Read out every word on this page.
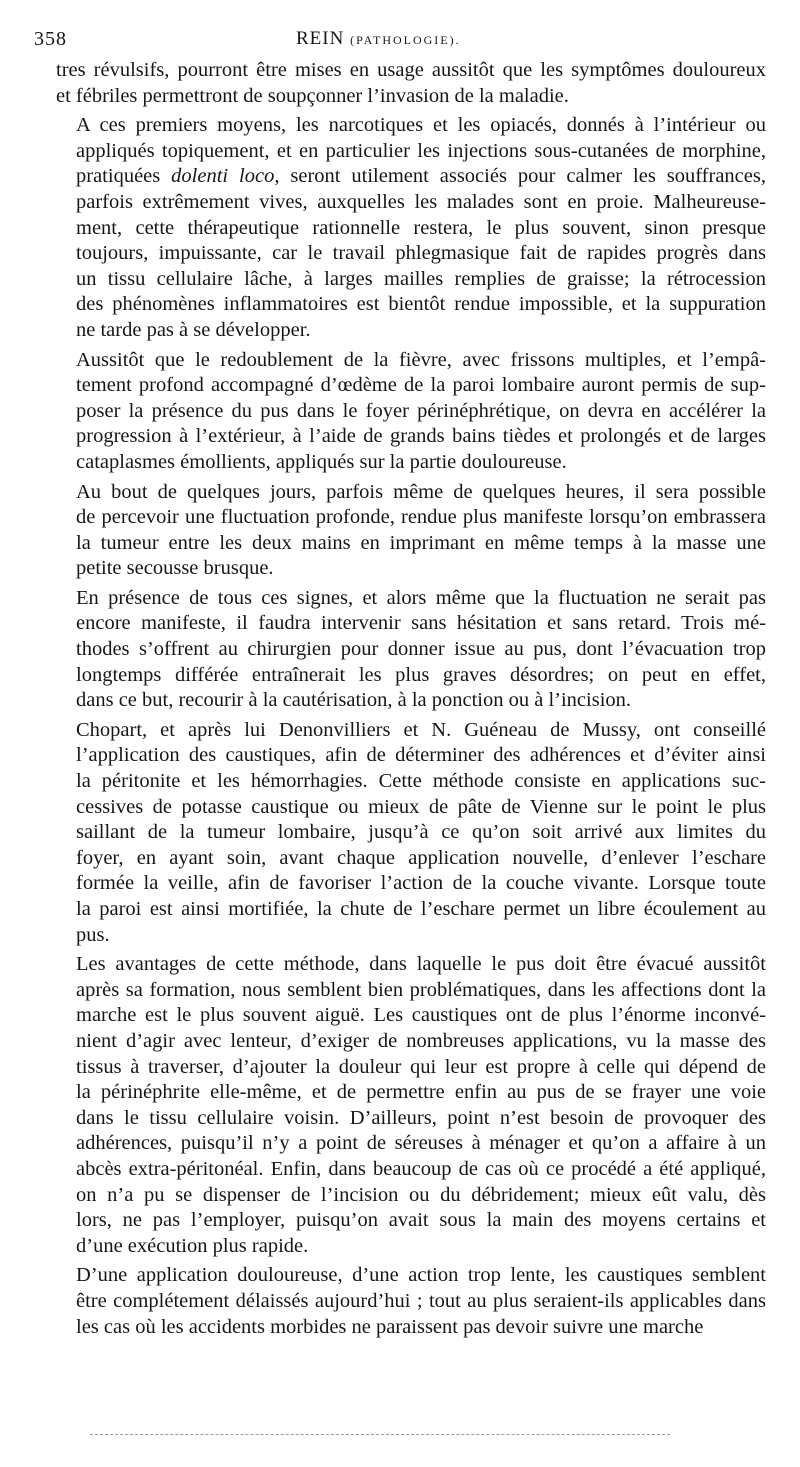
358	REIN (PATHOLOGIE).

tres révulsifs, pourront être mises en usage aussitôt que les symptômes douloureux
et fébriles permettront de soupçonner l’invasion de la maladie.

A ces premiers moyens, les narcotiques et les opiacés, donnés à l’intérieur ou
appliqués topiquement, et en particulier les injections sous-cutanées de morphine,
pratiquées dolenti loco, seront utilement associés pour calmer les souffrances,
parfois extrêmement vives, auxquelles les malades sont en proie. Malheureuse-
ment, cette thérapeutique rationnelle restera, le plus souvent, sinon presque
toujours, impuissante, car le travail phlegmasique fait de rapides progrès dans
un tissu cellulaire lâche, à larges mailles remplies de graisse; la rétrocession
des phénomènes inflammatoires est bientôt rendue impossible, et la suppuration
ne tarde pas à se développer.

Aussitôt que le redoublement de la fièvre, avec frissons multiples, et l’empâ-
tement profond accompagné d’œdème de la paroi lombaire auront permis de sup-
poser la présence du pus dans le foyer périnéphrétique, on devra en accélérer la
progression à l’extérieur, à l’aide de grands bains tièdes et prolongés et de larges
cataplasmes émollients, appliqués sur la partie douloureuse.

Au bout de quelques jours, parfois même de quelques heures, il sera possible
de percevoir une fluctuation profonde, rendue plus manifeste lorsqu’on embrassera
la tumeur entre les deux mains en imprimant en même temps à la masse une
petite secousse brusque.

En présence de tous ces signes, et alors même que la fluctuation ne serait pas
encore manifeste, il faudra intervenir sans hésitation et sans retard. Trois mé-
thodes s’offrent au chirurgien pour donner issue au pus, dont l’évacuation trop
longtemps différée entraînerait les plus graves désordres; on peut en effet,
dans ce but, recourir à la cautérisation, à la ponction ou à l’incision.

Chopart, et après lui Denonvilliers et N. Guéneau de Mussy, ont conseillé
l’application des caustiques, afin de déterminer des adhérences et d’éviter ainsi
la péritonite et les hémorrhagies. Cette méthode consiste en applications suc-
cessives de potasse caustique ou mieux de pâte de Vienne sur le point le plus
saillant de la tumeur lombaire, jusqu’à ce qu’on soit arrivé aux limites du
foyer, en ayant soin, avant chaque application nouvelle, d’enlever l’eschare
formée la veille, afin de favoriser l’action de la couche vivante. Lorsque toute
la paroi est ainsi mortifiée, la chute de l’eschare permet un libre écoulement au
pus.

Les avantages de cette méthode, dans laquelle le pus doit être évacué aussitôt
après sa formation, nous semblent bien problématiques, dans les affections dont la
marche est le plus souvent aiguë. Les caustiques ont de plus l’énorme inconvé-
nient d’agir avec lenteur, d’exiger de nombreuses applications, vu la masse des
tissus à traverser, d’ajouter la douleur qui leur est propre à celle qui dépend de
la périnéphrite elle-même, et de permettre enfin au pus de se frayer une voie
dans le tissu cellulaire voisin. D’ailleurs, point n’est besoin de provoquer des
adhérences, puisqu’il n’y a point de séreuses à ménager et qu’on a affaire à un
abcès extra-péritonéal. Enfin, dans beaucoup de cas où ce procédé a été appliqué,
on n’a pu se dispenser de l’incision ou du débridement; mieux eût valu, dès
lors, ne pas l’employer, puisqu’on avait sous la main des moyens certains et
d’une exécution plus rapide.

D’une application douloureuse, d’une action trop lente, les caustiques semblent
être complétement délaissés aujourd’hui ; tout au plus seraient-ils applicables dans
les cas où les accidents morbides ne paraissent pas devoir suivre une marche
